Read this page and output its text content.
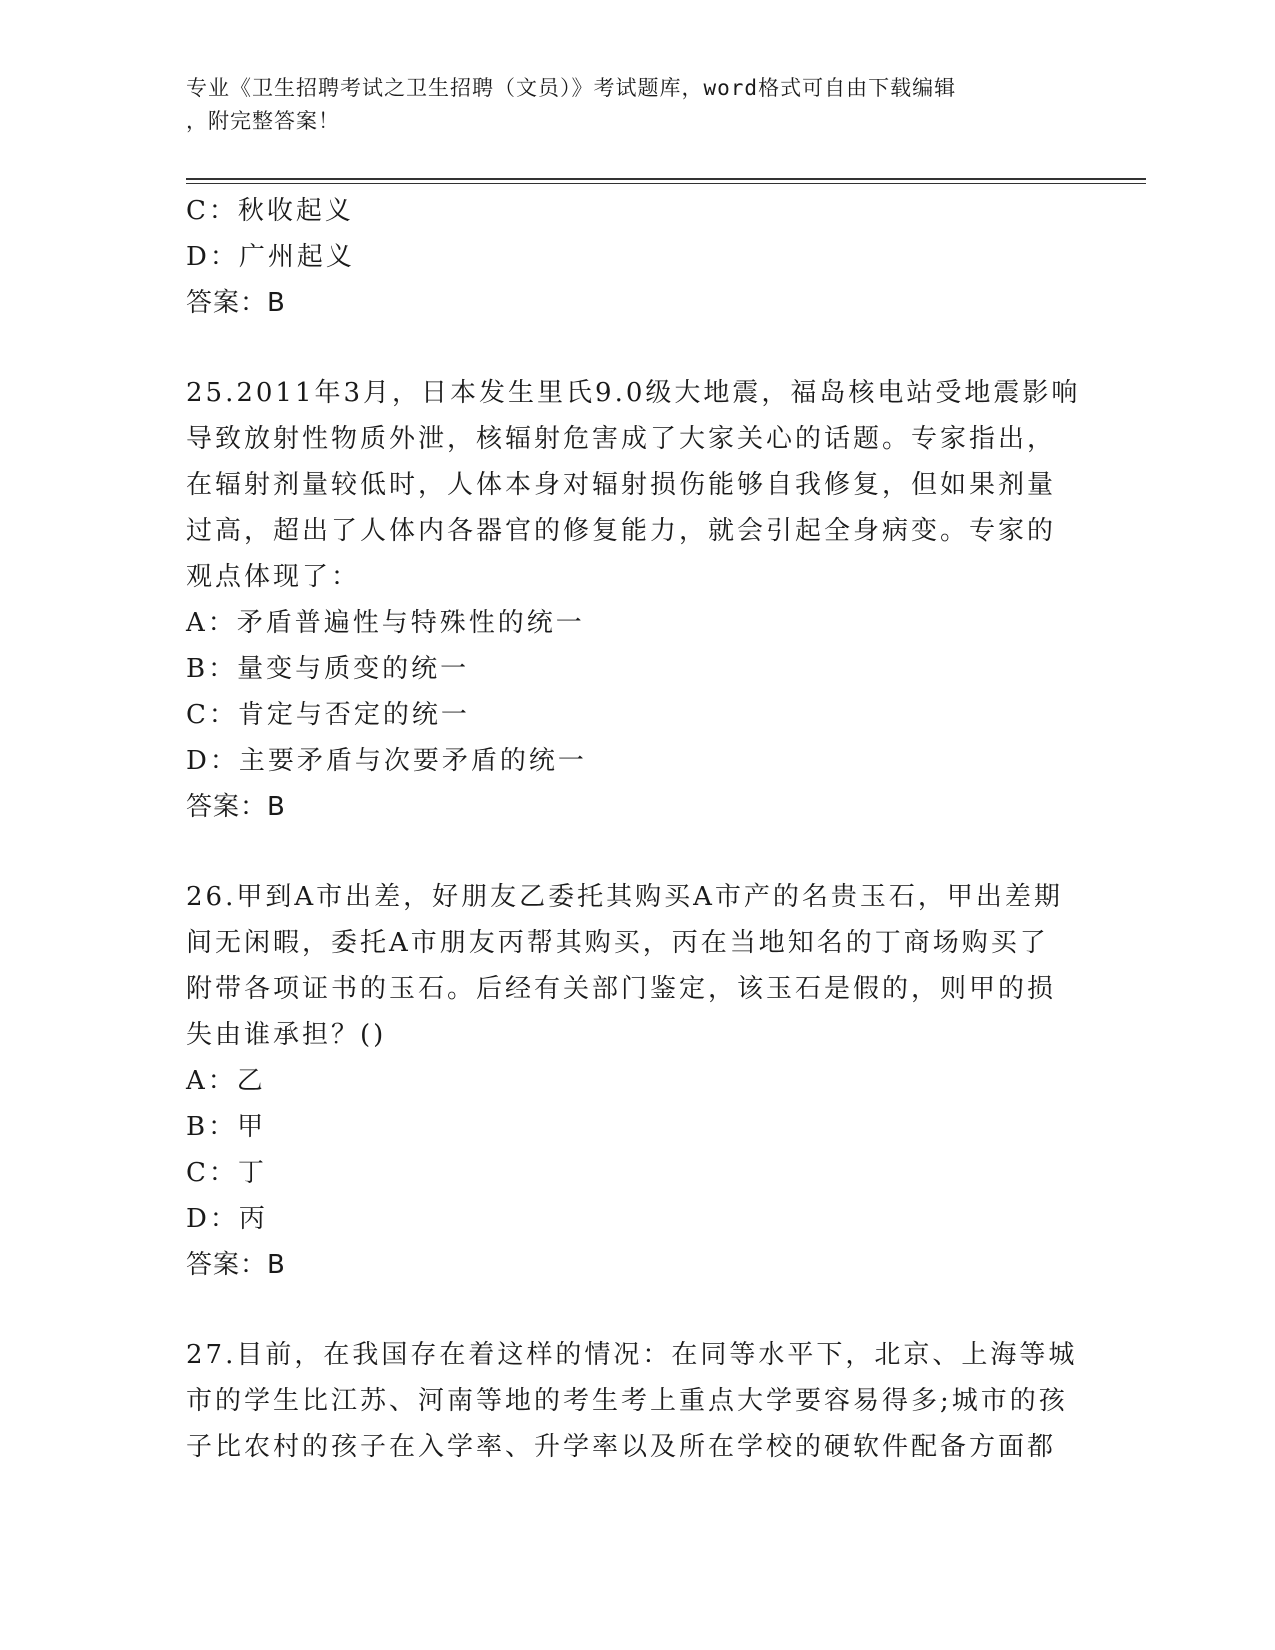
专业《卫生招聘考试之卫生招聘（文员）》考试题库，word格式可自由下载编辑
，附完整答案！
C：秋收起义
D：广州起义
答案：B
25.2011年3月，日本发生里氏9.0级大地震，福岛核电站受地震影响
导致放射性物质外泄，核辐射危害成了大家关心的话题。专家指出，
在辐射剂量较低时，人体本身对辐射损伤能够自我修复，但如果剂量
过高，超出了人体内各器官的修复能力，就会引起全身病变。专家的
观点体现了：
A：矛盾普遍性与特殊性的统一
B：量变与质变的统一
C：肯定与否定的统一
D：主要矛盾与次要矛盾的统一
答案：B
26.甲到A市出差，好朋友乙委托其购买A市产的名贵玉石，甲出差期
间无闲暇，委托A市朋友丙帮其购买，丙在当地知名的丁商场购买了
附带各项证书的玉石。后经有关部门鉴定，该玉石是假的，则甲的损
失由谁承担？()
A：乙
B：甲
C：丁
D：丙
答案：B
27.目前，在我国存在着这样的情况：在同等水平下，北京、上海等城
市的学生比江苏、河南等地的考生考上重点大学要容易得多;城市的孩
子比农村的孩子在入学率、升学率以及所在学校的硬软件配备方面都
